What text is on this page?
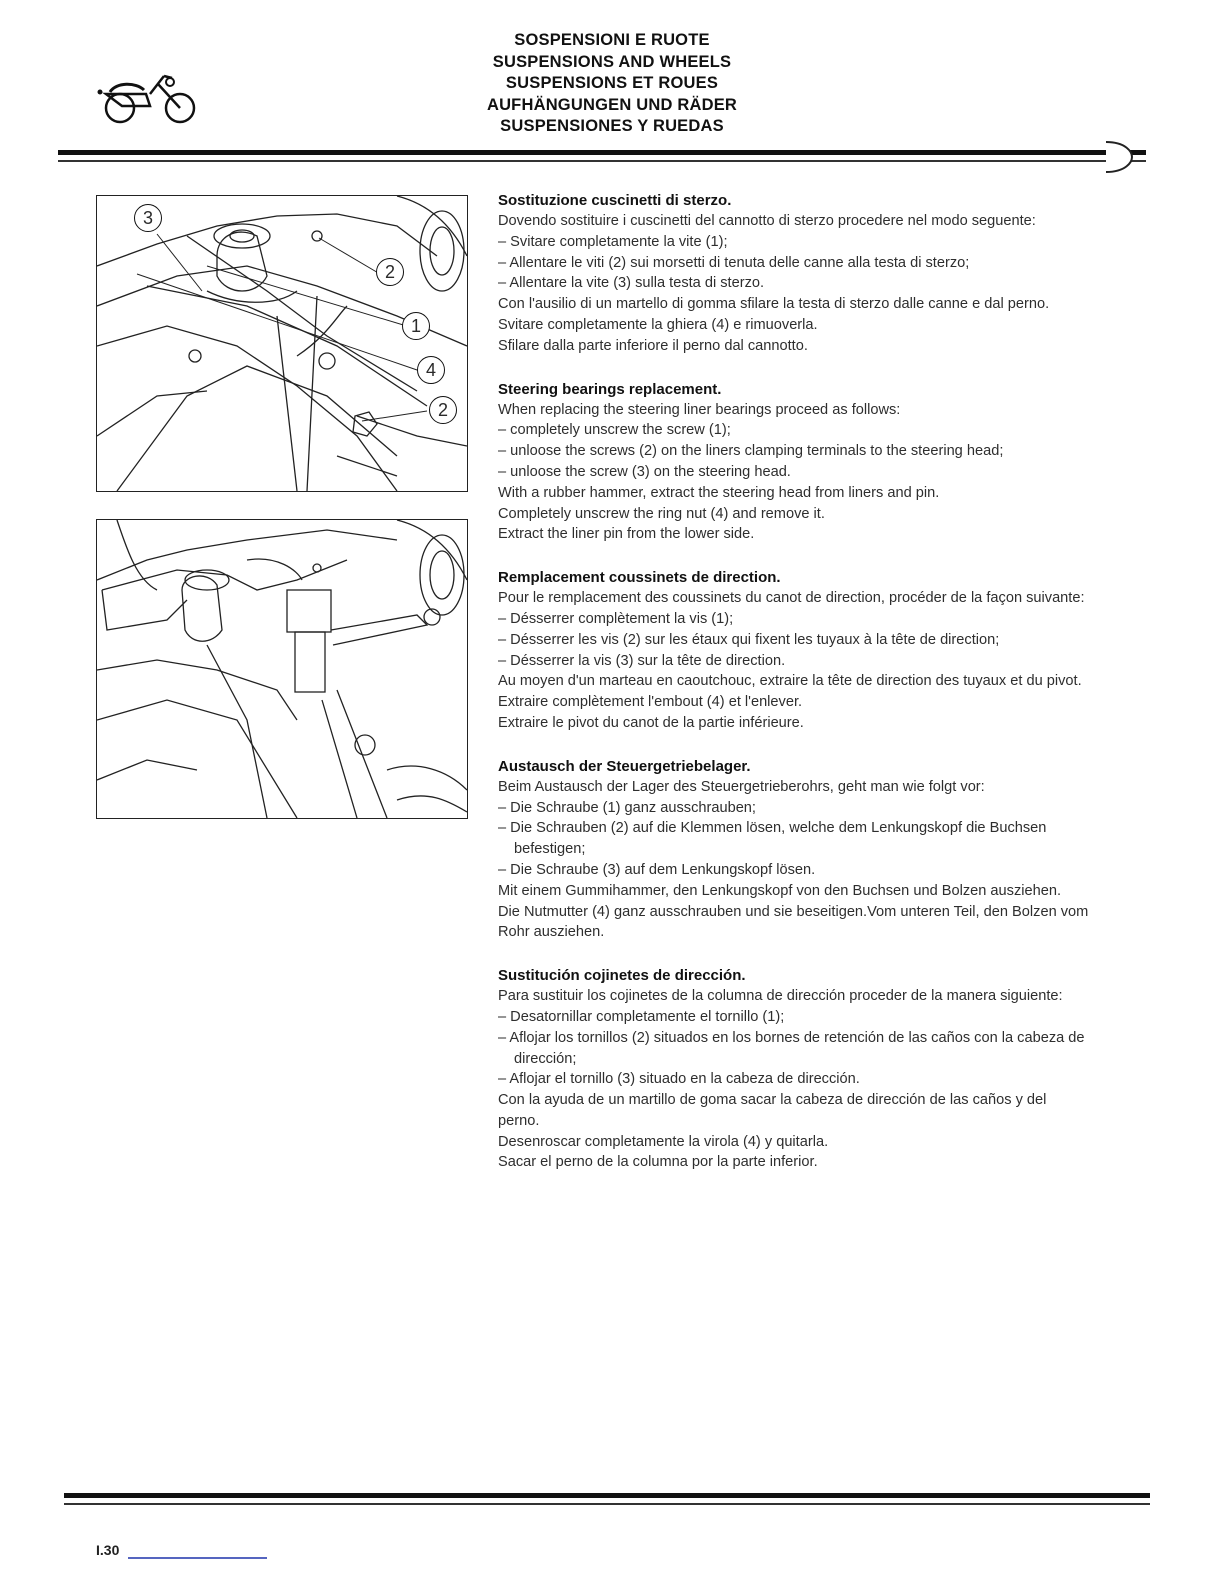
SOSPENSIONI E RUOTE
SUSPENSIONS AND WHEELS
SUSPENSIONS ET ROUES
AUFHÄNGUNGEN UND RÄDER
SUSPENSIONES Y RUEDAS
3
2
1
4
2
Sostituzione cuscinetti di sterzo.

Dovendo sostituire i cuscinetti del cannotto di sterzo procedere nel modo seguente:

– Svitare completamente la vite (1);

– Allentare le viti (2) sui morsetti di tenuta delle canne alla testa di sterzo;

– Allentare la vite (3) sulla testa di sterzo.

Con l'ausilio di un martello di gomma sfilare la testa di sterzo dalle canne e dal perno.

Svitare completamente la ghiera (4) e rimuoverla.

Sfilare dalla parte inferiore il perno dal cannotto.

Steering bearings replacement.

When replacing the steering liner bearings proceed as follows:

– completely unscrew the screw (1);

– unloose the screws (2) on the liners clamping terminals to the steering head;

– unloose the screw (3) on the steering head.

With a rubber hammer, extract the steering head from liners and pin.

Completely unscrew the ring nut (4) and remove it.

Extract the liner pin from the lower side.

Remplacement coussinets de direction.

Pour le remplacement des coussinets du canot de direction, procéder de la façon suivante:

– Désserrer complètement la vis (1);

– Désserrer les vis (2) sur les étaux qui fixent les tuyaux à la tête de direction;

– Désserrer la vis (3) sur la tête de direction.

Au moyen d'un marteau en caoutchouc, extraire la tête de direction des tuyaux et du pivot.

Extraire complètement l'embout (4) et l'enlever.

Extraire le pivot du canot de la partie inférieure.

Austausch der Steuergetriebelager.

Beim Austausch der Lager des Steuergetrieberohrs, geht man wie folgt vor:

– Die Schraube (1) ganz ausschrauben;

– Die Schrauben (2) auf die Klemmen lösen, welche dem Lenkungskopf die Buchsen befestigen;

– Die Schraube (3) auf dem Lenkungskopf lösen.

Mit einem Gummihammer, den Lenkungskopf von den Buchsen und Bolzen ausziehen.

Die Nutmutter (4) ganz ausschrauben und sie beseitigen.Vom unteren Teil, den Bolzen vom Rohr ausziehen.

Sustitución cojinetes de dirección.

Para sustituir los cojinetes de la columna de dirección proceder de la manera siguiente:

– Desatornillar completamente el tornillo (1);

– Aflojar los tornillos (2) situados en los bornes de retención de las caños con la cabeza de dirección;

– Aflojar el tornillo (3) situado en la cabeza de dirección.

Con la ayuda de un martillo de goma sacar la cabeza de dirección de las caños y del perno.

Desenroscar completamente la virola (4) y quitarla.

Sacar el perno de la columna por la parte inferior.

I.30
